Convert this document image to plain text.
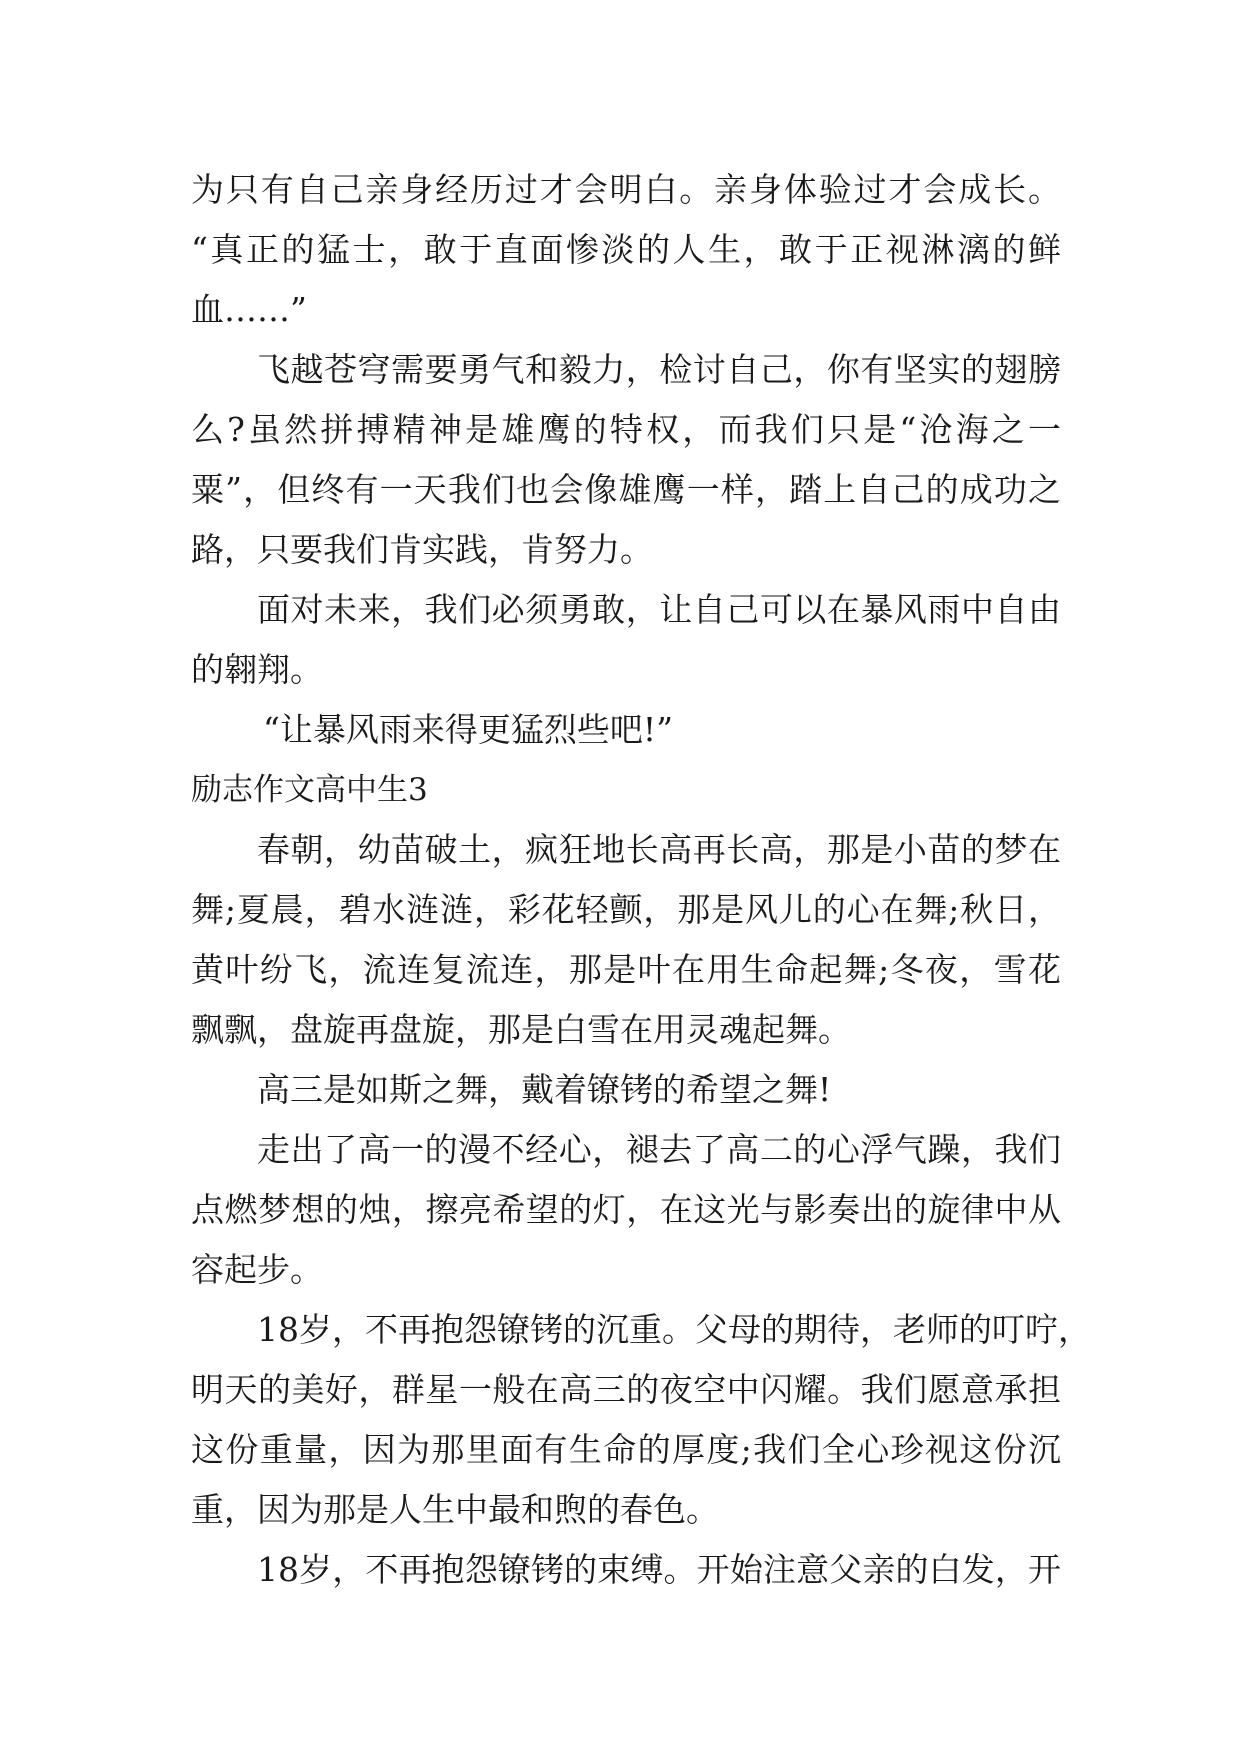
为只有自己亲身经历过才会明白。亲身体验过才会成长。
“真正的猛士，敢于直面惨淡的人生，敢于正视淋漓的鲜
血……”
飞越苍穹需要勇气和毅力，检讨自己，你有坚实的翅膀
么?虽然拼搏精神是雄鹰的特权，而我们只是“沧海之一
粟”，但终有一天我们也会像雄鹰一样，踏上自己的成功之
路，只要我们肯实践，肯努力。
面对未来，我们必须勇敢，让自己可以在暴风雨中自由
的翱翔。
“让暴风雨来得更猛烈些吧!”
励志作文高中生3
春朝，幼苗破土，疯狂地长高再长高，那是小苗的梦在
舞;夏晨，碧水涟涟，彩花轻颤，那是风儿的心在舞;秋日，
黄叶纷飞，流连复流连，那是叶在用生命起舞;冬夜，雪花
飘飘，盘旋再盘旋，那是白雪在用灵魂起舞。
高三是如斯之舞，戴着镣铐的希望之舞!
走出了高一的漫不经心，褪去了高二的心浮气躁，我们
点燃梦想的烛，擦亮希望的灯，在这光与影奏出的旋律中从
容起步。
18岁，不再抱怨镣铐的沉重。父母的期待，老师的叮咛，
明天的美好，群星一般在高三的夜空中闪耀。我们愿意承担
这份重量，因为那里面有生命的厚度;我们全心珍视这份沉
重，因为那是人生中最和煦的春色。
18岁，不再抱怨镣铐的束缚。开始注意父亲的白发，开
